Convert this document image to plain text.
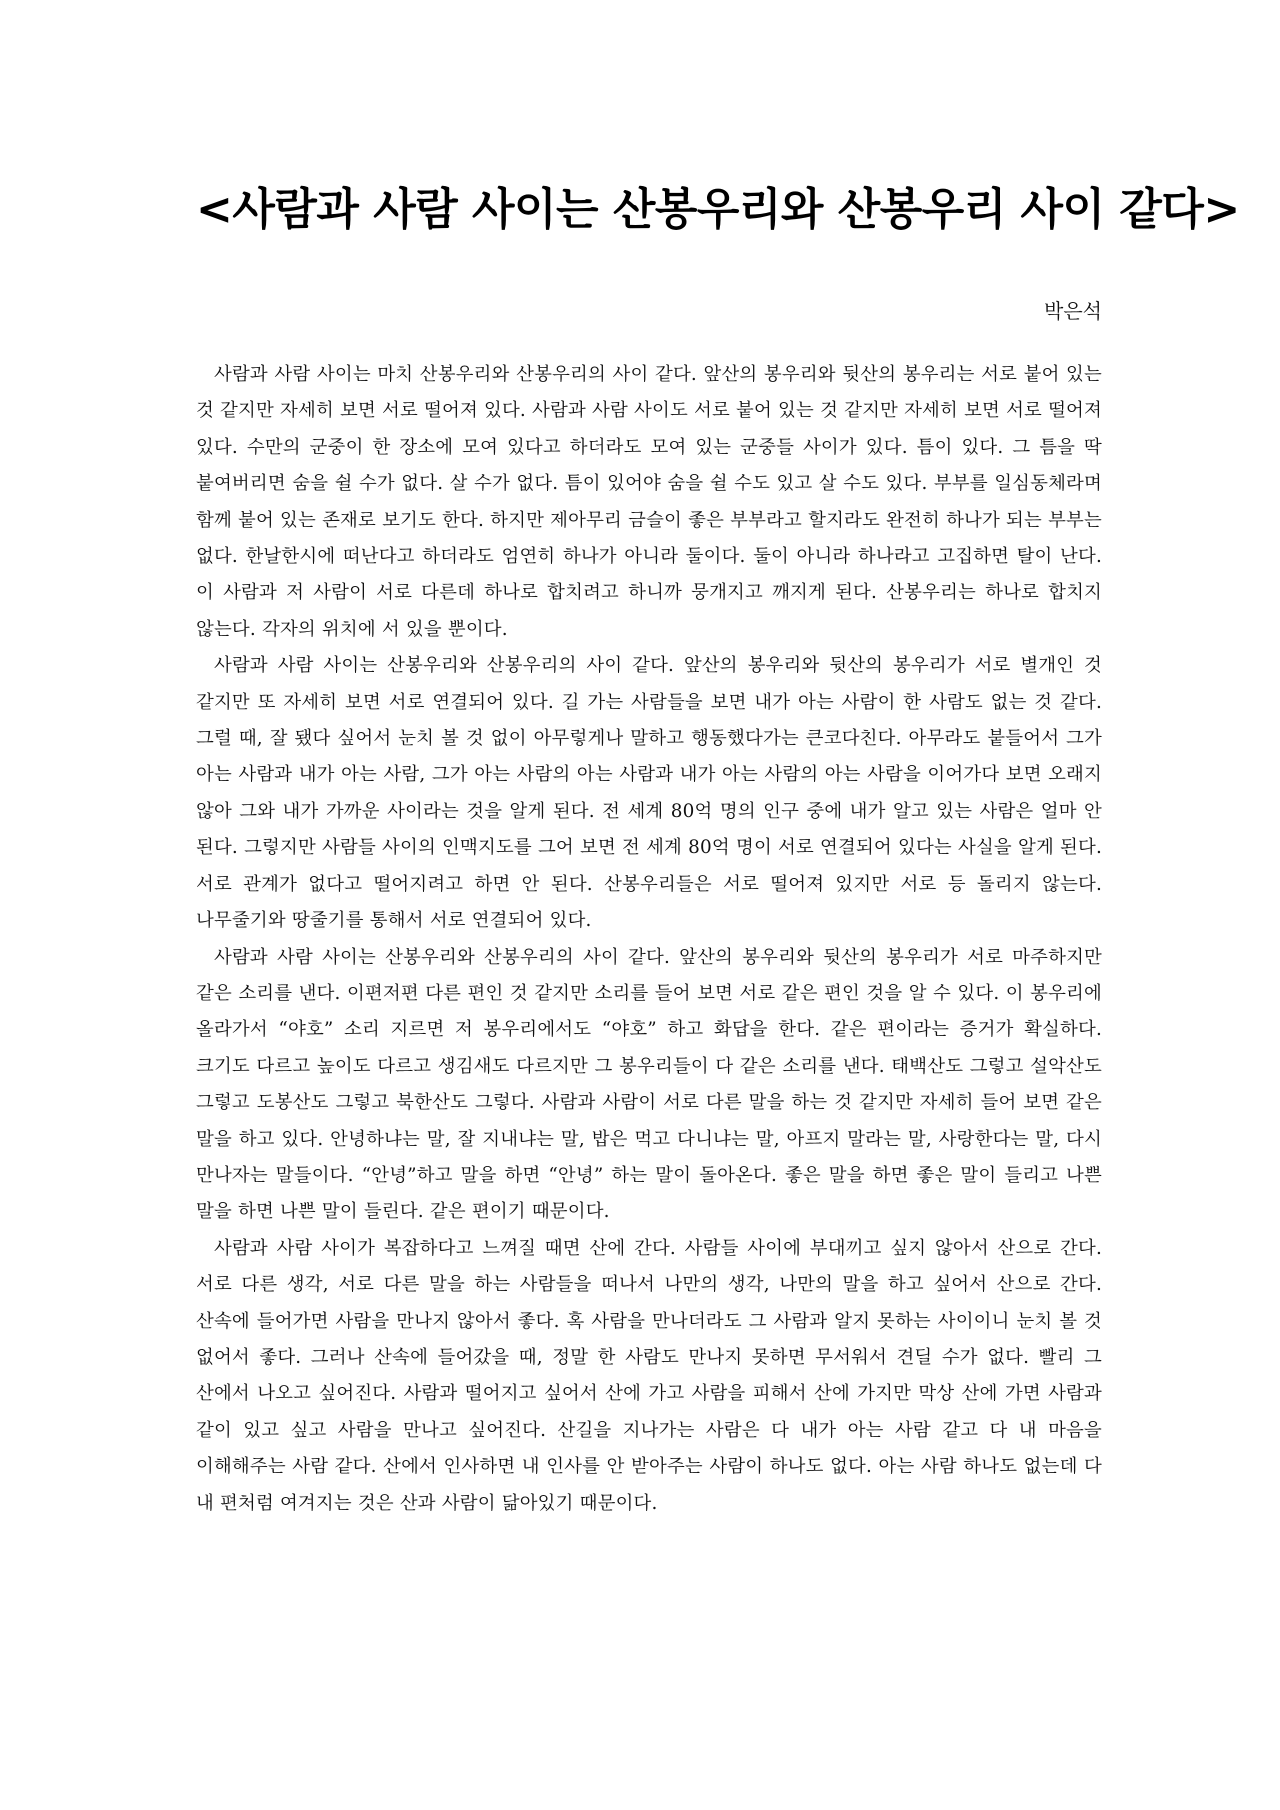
<사람과 사람 사이는 산봉우리와 산봉우리 사이 같다>
박은석

사람과 사람 사이는 마치 산봉우리와 산봉우리의 사이 같다. 앞산의 봉우리와 뒷산의 봉우리는 서로 붙어 있는 것 같지만 자세히 보면 서로 떨어져 있다. 사람과 사람 사이도 서로 붙어 있는 것 같지만 자세히 보면 서로 떨어져 있다. 수만의 군중이 한 장소에 모여 있다고 하더라도 모여 있는 군중들 사이가 있다. 틈이 있다. 그 틈을 딱 붙여버리면 숨을 쉴 수가 없다. 살 수가 없다. 틈이 있어야 숨을 쉴 수도 있고 살 수도 있다. 부부를 일심동체라며 함께 붙어 있는 존재로 보기도 한다. 하지만 제아무리 금슬이 좋은 부부라고 할지라도 완전히 하나가 되는 부부는 없다. 한날한시에 떠난다고 하더라도 엄연히 하나가 아니라 둘이다. 둘이 아니라 하나라고 고집하면 탈이 난다. 이 사람과 저 사람이 서로 다른데 하나로 합치려고 하니까 뭉개지고 깨지게 된다. 산봉우리는 하나로 합치지 않는다. 각자의 위치에 서 있을 뿐이다.

사람과 사람 사이는 산봉우리와 산봉우리의 사이 같다. 앞산의 봉우리와 뒷산의 봉우리가 서로 별개인 것 같지만 또 자세히 보면 서로 연결되어 있다. 길 가는 사람들을 보면 내가 아는 사람이 한 사람도 없는 것 같다. 그럴 때, 잘 됐다 싶어서 눈치 볼 것 없이 아무렇게나 말하고 행동했다가는 큰코다친다. 아무라도 붙들어서 그가 아는 사람과 내가 아는 사람, 그가 아는 사람의 아는 사람과 내가 아는 사람의 아는 사람을 이어가다 보면 오래지 않아 그와 내가 가까운 사이라는 것을 알게 된다. 전 세계 80억 명의 인구 중에 내가 알고 있는 사람은 얼마 안 된다. 그렇지만 사람들 사이의 인맥지도를 그어 보면 전 세계 80억 명이 서로 연결되어 있다는 사실을 알게 된다. 서로 관계가 없다고 떨어지려고 하면 안 된다. 산봉우리들은 서로 떨어져 있지만 서로 등 돌리지 않는다. 나무줄기와 땅줄기를 통해서 서로 연결되어 있다.

사람과 사람 사이는 산봉우리와 산봉우리의 사이 같다. 앞산의 봉우리와 뒷산의 봉우리가 서로 마주하지만 같은 소리를 낸다. 이편저편 다른 편인 것 같지만 소리를 들어 보면 서로 같은 편인 것을 알 수 있다. 이 봉우리에 올라가서 “야호” 소리 지르면 저 봉우리에서도 “야호” 하고 화답을 한다. 같은 편이라는 증거가 확실하다. 크기도 다르고 높이도 다르고 생김새도 다르지만 그 봉우리들이 다 같은 소리를 낸다. 태백산도 그렇고 설악산도 그렇고 도봉산도 그렇고 북한산도 그렇다. 사람과 사람이 서로 다른 말을 하는 것 같지만 자세히 들어 보면 같은 말을 하고 있다. 안녕하냐는 말, 잘 지내냐는 말, 밥은 먹고 다니냐는 말, 아프지 말라는 말, 사랑한다는 말, 다시 만나자는 말들이다. “안녕”하고 말을 하면 “안녕” 하는 말이 돌아온다. 좋은 말을 하면 좋은 말이 들리고 나쁜 말을 하면 나쁜 말이 들린다. 같은 편이기 때문이다.

사람과 사람 사이가 복잡하다고 느껴질 때면 산에 간다. 사람들 사이에 부대끼고 싶지 않아서 산으로 간다. 서로 다른 생각, 서로 다른 말을 하는 사람들을 떠나서 나만의 생각, 나만의 말을 하고 싶어서 산으로 간다. 산속에 들어가면 사람을 만나지 않아서 좋다. 혹 사람을 만나더라도 그 사람과 알지 못하는 사이이니 눈치 볼 것 없어서 좋다. 그러나 산속에 들어갔을 때, 정말 한 사람도 만나지 못하면 무서워서 견딜 수가 없다. 빨리 그 산에서 나오고 싶어진다. 사람과 떨어지고 싶어서 산에 가고 사람을 피해서 산에 가지만 막상 산에 가면 사람과 같이 있고 싶고 사람을 만나고 싶어진다. 산길을 지나가는 사람은 다 내가 아는 사람 같고 다 내 마음을 이해해주는 사람 같다. 산에서 인사하면 내 인사를 안 받아주는 사람이 하나도 없다. 아는 사람 하나도 없는데 다 내 편처럼 여겨지는 것은 산과 사람이 닮아있기 때문이다.
